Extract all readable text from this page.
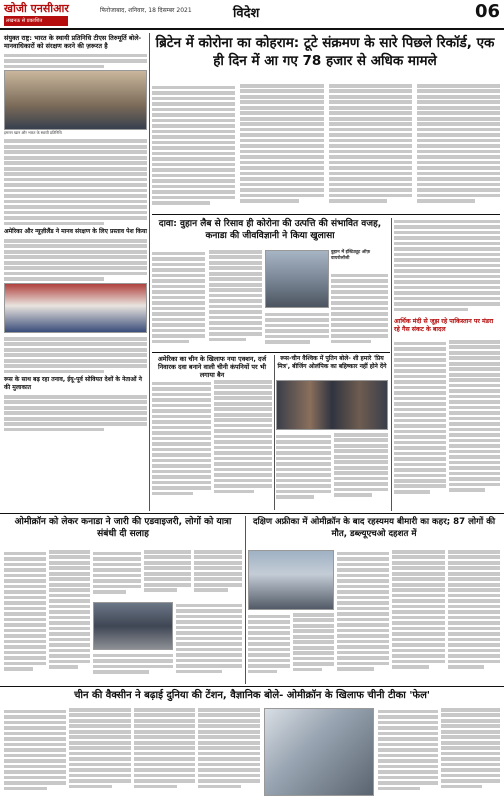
खोजी एनसीआर
लखनऊ से प्रकाशित
फिरोजाबाद, शनिवार, 18 दिसम्बर 2021	विदेश	06
संयुक्त राष्ट्र: भारत के स्थायी प्रतिनिधि टीएस तिरुमूर्ति बोले- मानवाधिकारों को संरक्षण करने की ज़रूरत है
इमरान खान और भारत के स्थायी प्रतिनिधि
अमेरिका और न्यूज़ीलैंड ने मानव संरक्षण के लिए प्रस्ताव पेश किया
रूस के साथ बढ़ रहा तनाव, ईयू-पूर्व सोवियत देशों के नेताओं ने की मुलाकात
ब्रिटेन में कोरोना का कोहराम: टूटे संक्रमण के सारे पिछले रिकॉर्ड, एक ही दिन में आ गए 78 हजार से अधिक मामले
दावा: वुहान लैब से रिसाव ही कोरोना की उत्पत्ति की संभावित वजह, कनाडा की जीवविज्ञानी ने किया खुलासा
वुहान में इंस्टिट्यूट ऑफ़ वायरोलॉजी
आर्थिक मंदी से जूझ रहे पाकिस्तान पर मंडरा रहे गैस संकट के बादल
अमेरिका का चीन के खिलाफ नया एक्शन, दर्ज निवारक दवा बनाने वाली चीनी कंपनियों पर भी लगाया बैन
रूस-चीन वैश्विक में पुतिन बोले- शी हमारे 'प्रिय मित्र', बीजिंग ओलंपिक का बहिष्कार नहीं होने देंगे
ओमीक्रॉन को लेकर कनाडा ने जारी की एडवाइजरी, लोगों को यात्रा संबंधी दी सलाह
दक्षिण अफ्रीका में ओमीक्रॉन के बाद रहस्यमय बीमारी का कहर; 87 लोगों की मौत, डब्ल्यूएचओ दहशत में
चीन की वैक्सीन ने बढ़ाई दुनिया की टेंशन, वैज्ञानिक बोले- ओमीक्रॉन के खिलाफ चीनी टीका 'फेल'
